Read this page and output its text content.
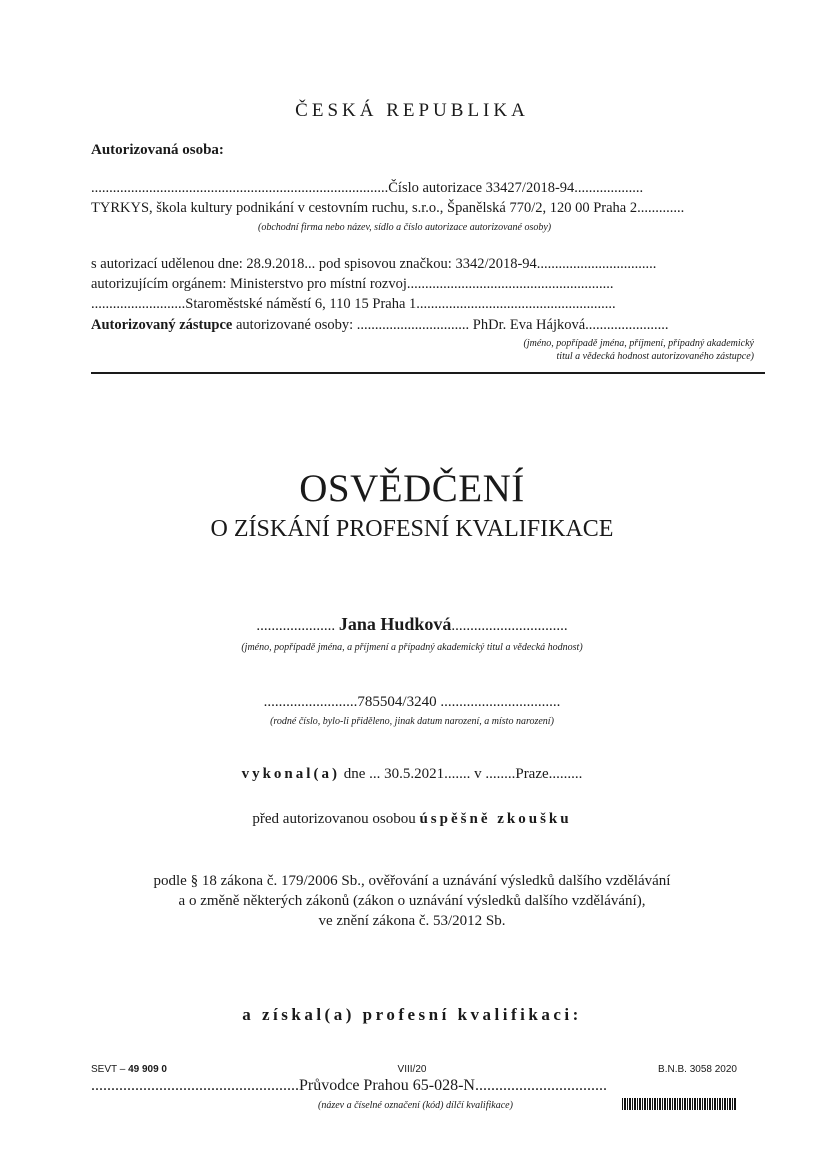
ČESKÁ REPUBLIKA
Autorizovaná osoba:
..................................................................................Číslo autorizace 33427/2018-94...................
TYRKYS, škola kultury podnikání v cestovním ruchu, s.r.o., Španělská 770/2, 120 00 Praha 2.............
(obchodní firma nebo název, sídlo a číslo autorizace autorizované osoby)
s autorizací udělenou dne: 28.9.2018... pod spisovou značkou: 3342/2018-94.................................
autorizujícím orgánem: Ministerstvo pro místní rozvoj.........................................................
..........................Staroměstské náměstí 6, 110 15 Praha 1.......................................................
Autorizovaný zástupce autorizované osoby: ............................... PhDr. Eva Hájková.......................
(jméno, popřípadě jména, příjmení, případný akademický
titul a vědecká hodnost autorizovaného zástupce)
OSVĚDČENÍ
O ZÍSKÁNÍ PROFESNÍ KVALIFIKACE
..................... Jana Hudková...............................
(jméno, popřípadě jména, a příjmení a případný akademický titul a vědecká hodnost)
.........................785504/3240 ................................
(rodné číslo, bylo-li přiděleno, jinak datum narození, a místo narození)
vykonal(a) dne ... 30.5.2021....... v ........Praze.........
před autorizovanou osobou úspěšně zkoušku
podle § 18 zákona č. 179/2006 Sb., ověřování a uznávání výsledků dalšího vzdělávání
a o změně některých zákonů (zákon o uznávání výsledků dalšího vzdělávání),
ve znění zákona č. 53/2012 Sb.
a získal(a) profesní kvalifikaci:
SEVT – 49 909 0	VIII/20	B.N.B. 3058 2020
....................................................Průvodce Prahou 65-028-N.................................
(název a číselné označení (kód) dílčí kvalifikace)
